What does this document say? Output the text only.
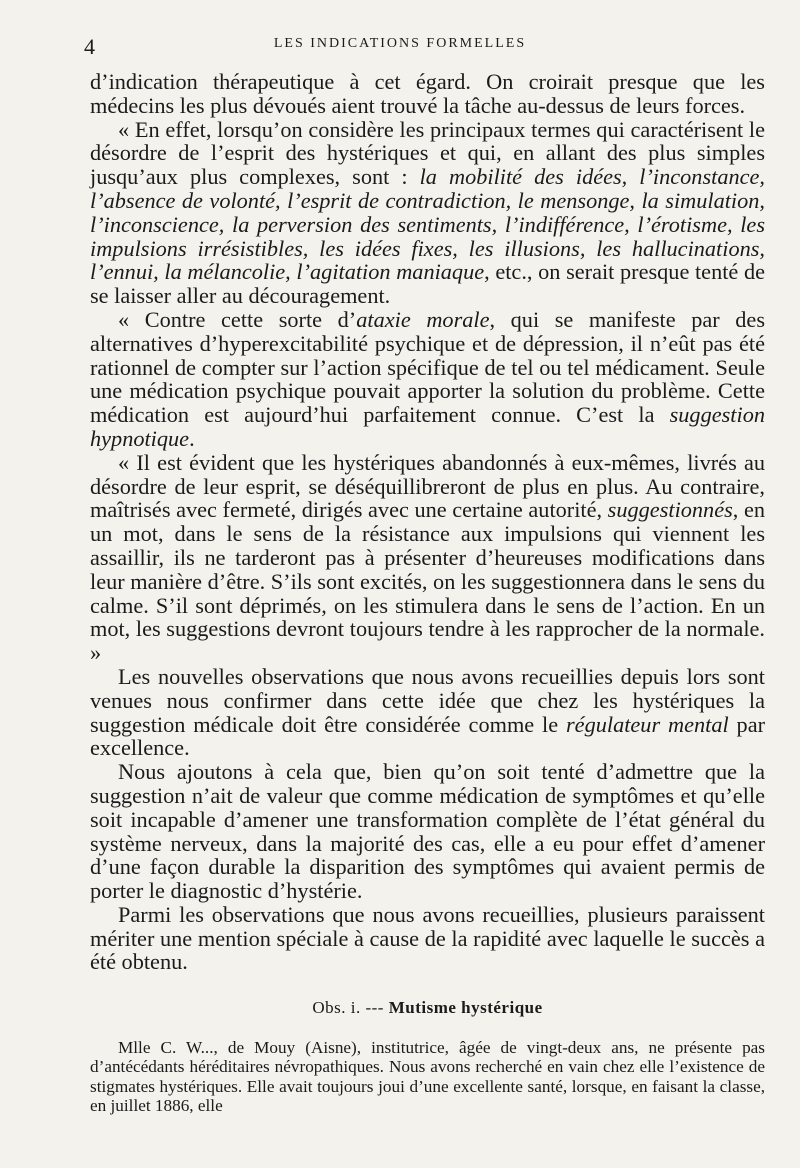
4	LES INDICATIONS FORMELLES

d’indication thérapeutique à cet égard. On croirait presque que les médecins les plus dévoués aient trouvé la tâche au-dessus de leurs forces.

« En effet, lorsqu’on considère les principaux termes qui caractérisent le désordre de l’esprit des hystériques et qui, en allant des plus simples jusqu’aux plus complexes, sont : la mobilité des idées, l’inconstance, l’absence de volonté, l’esprit de contradiction, le mensonge, la simulation, l’inconscience, la perversion des sentiments, l’indifférence, l’érotisme, les impulsions irrésistibles, les idées fixes, les illusions, les hallucinations, l’ennui, la mélancolie, l’agitation maniaque, etc., on serait presque tenté de se laisser aller au découragement.

« Contre cette sorte d’ataxie morale, qui se manifeste par des alternatives d’hyperexcitabilité psychique et de dépression, il n’eût pas été rationnel de compter sur l’action spécifique de tel ou tel médicament. Seule une médication psychique pouvait apporter la solution du problème. Cette médication est aujourd’hui parfaitement connue. C’est la suggestion hypnotique.

« Il est évident que les hystériques abandonnés à eux-mêmes, livrés au désordre de leur esprit, se déséquillibreront de plus en plus. Au contraire, maîtrisés avec fermeté, dirigés avec une certaine autorité, suggestionnés, en un mot, dans le sens de la résistance aux impulsions qui viennent les assaillir, ils ne tarderont pas à présenter d’heureuses modifications dans leur manière d’être. S’ils sont excités, on les suggestionnera dans le sens du calme. S’il sont déprimés, on les stimulera dans le sens de l’action. En un mot, les suggestions devront toujours tendre à les rapprocher de la normale. »

Les nouvelles observations que nous avons recueillies depuis lors sont venues nous confirmer dans cette idée que chez les hystériques la suggestion médicale doit être considérée comme le régulateur mental par excellence.

Nous ajoutons à cela que, bien qu’on soit tenté d’admettre que la suggestion n’ait de valeur que comme médication de symptômes et qu’elle soit incapable d’amener une transformation complète de l’état général du système nerveux, dans la majorité des cas, elle a eu pour effet d’amener d’une façon durable la disparition des symptômes qui avaient permis de porter le diagnostic d’hystérie.

Parmi les observations que nous avons recueillies, plusieurs paraissent mériter une mention spéciale à cause de la rapidité avec laquelle le succès a été obtenu.

Obs. i. --- Mutisme hystérique

Mlle C. W..., de Mouy (Aisne), institutrice, âgée de vingt-deux ans, ne présente pas d’antécédants héréditaires névropathiques. Nous avons recherché en vain chez elle l’existence de stigmates hystériques. Elle avait toujours joui d’une excellente santé, lorsque, en faisant la classe, en juillet 1886, elle
